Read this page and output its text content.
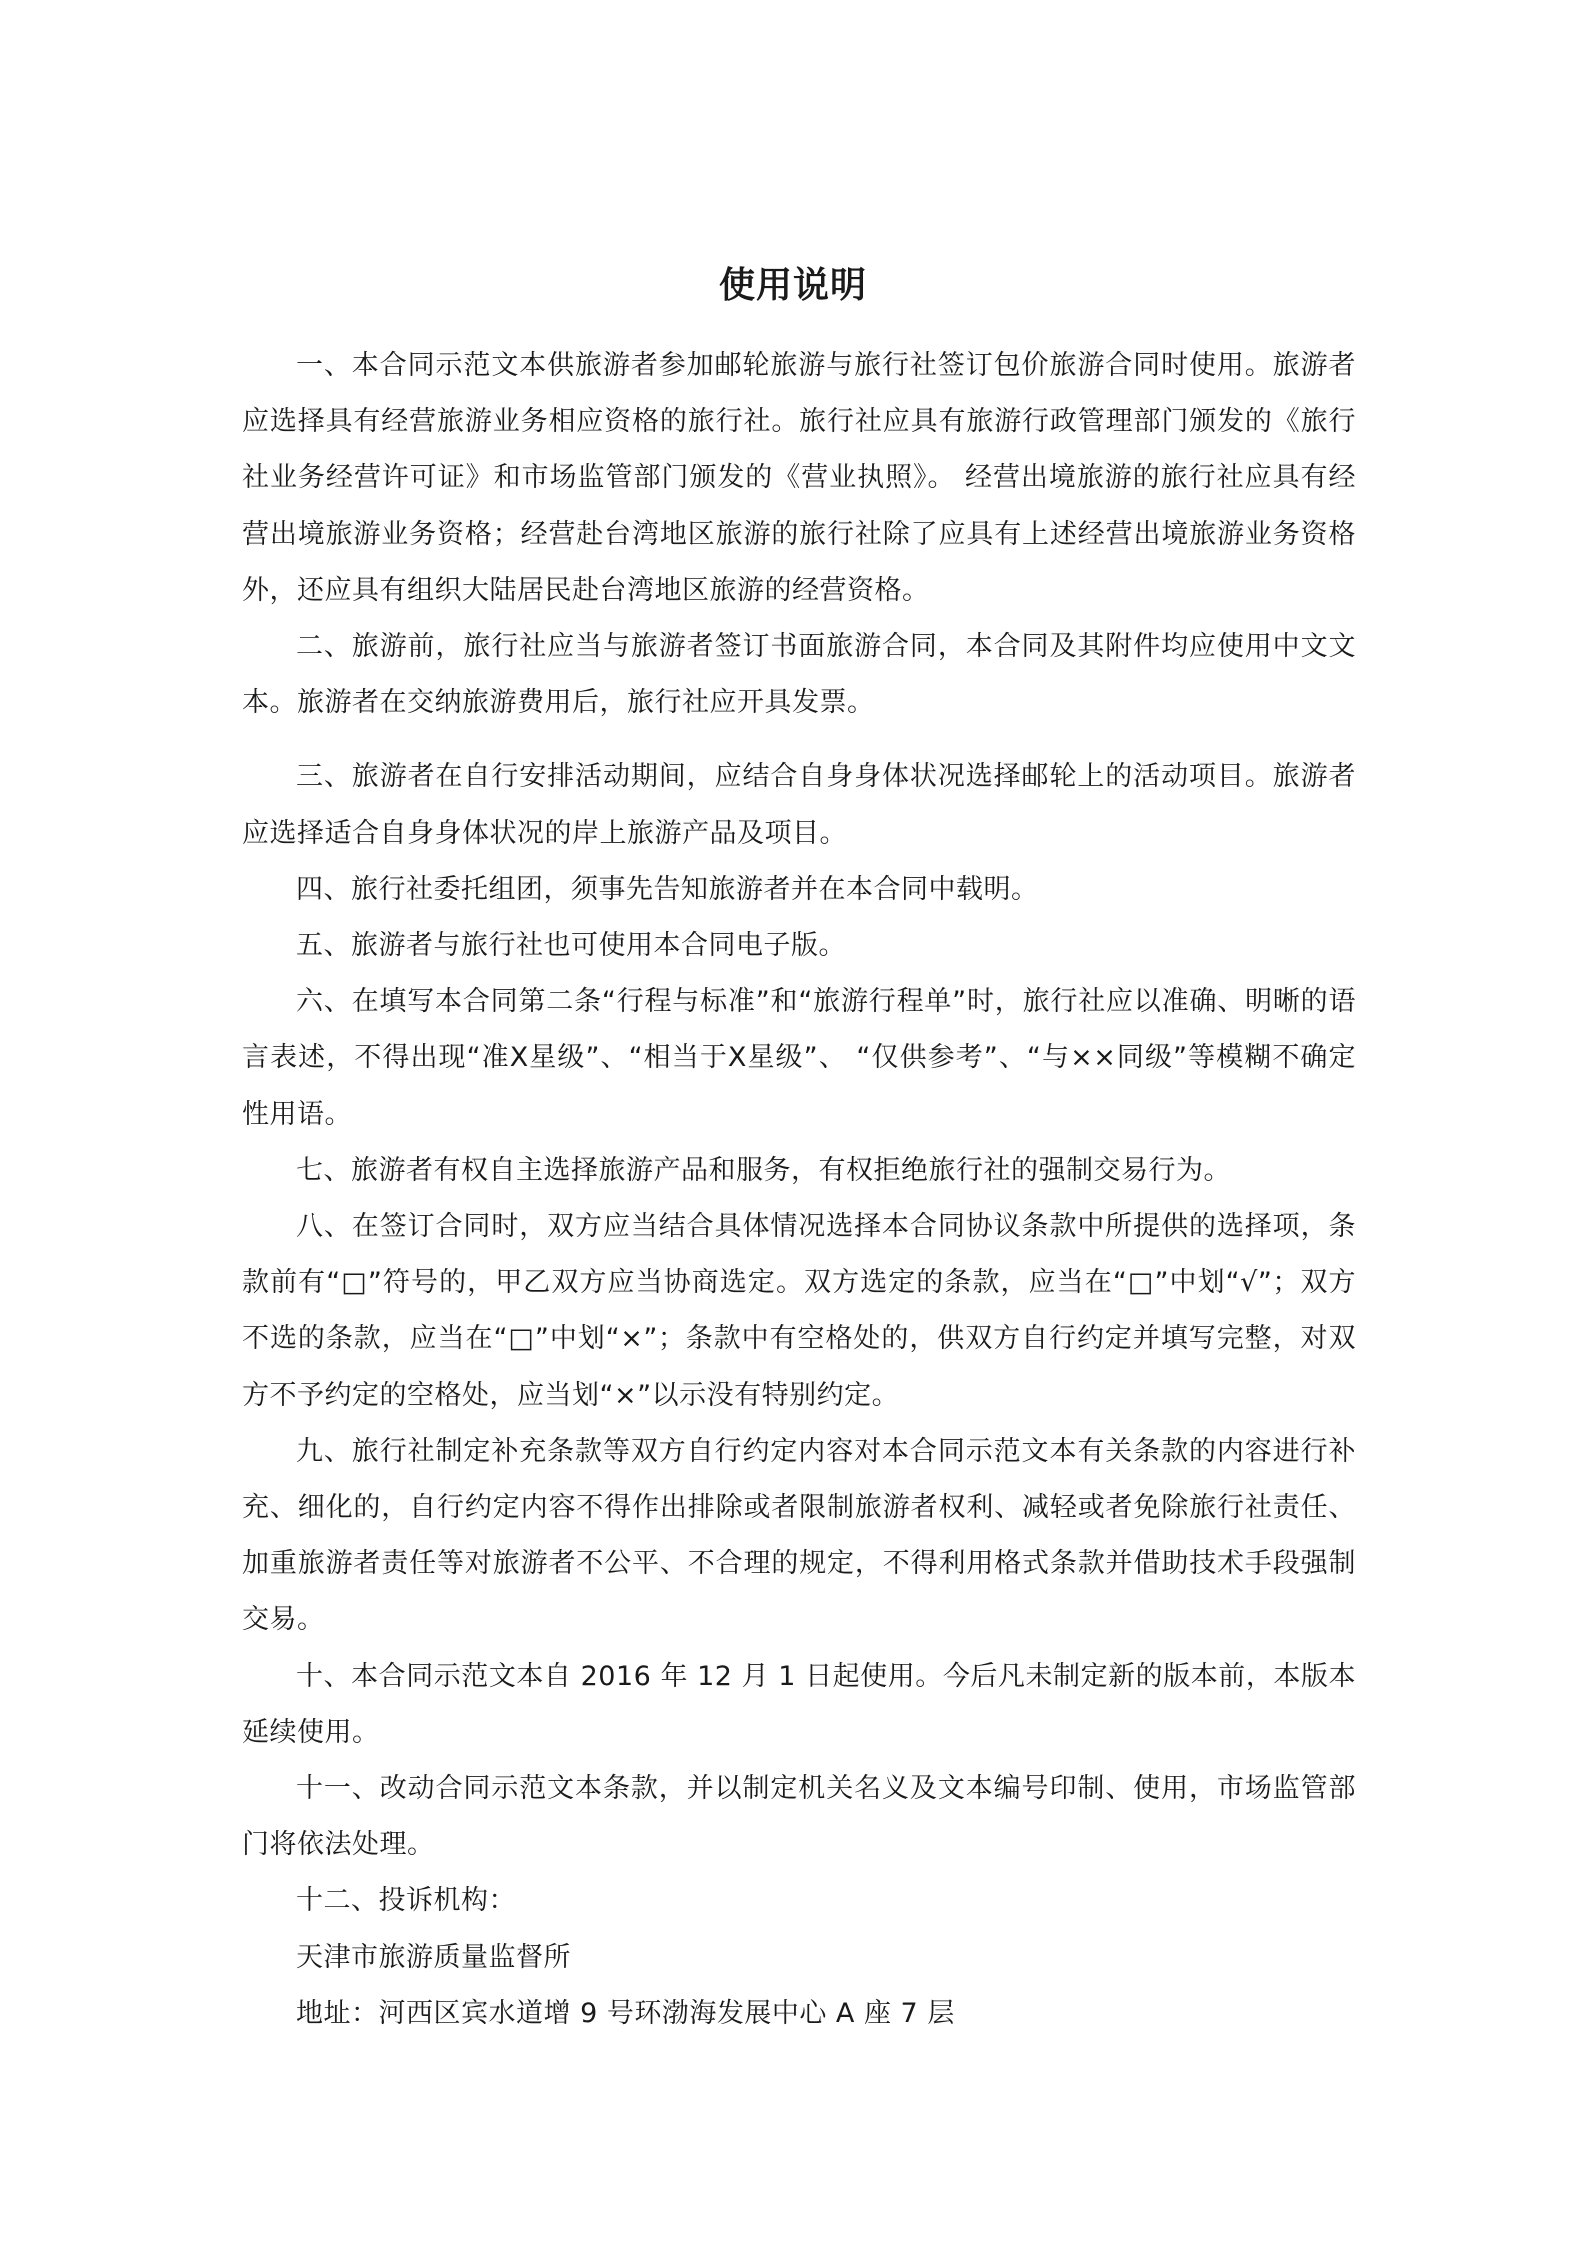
使用说明

一、本合同示范文本供旅游者参加邮轮旅游与旅行社签订包价旅游合同时使用。旅游者应选择具有经营旅游业务相应资格的旅行社。旅行社应具有旅游行政管理部门颁发的《旅行社业务经营许可证》和市场监管部门颁发的《营业执照》。 经营出境旅游的旅行社应具有经营出境旅游业务资格；经营赴台湾地区旅游的旅行社除了应具有上述经营出境旅游业务资格外，还应具有组织大陆居民赴台湾地区旅游的经营资格。

二、旅游前，旅行社应当与旅游者签订书面旅游合同，本合同及其附件均应使用中文文本。旅游者在交纳旅游费用后，旅行社应开具发票。

三、旅游者在自行安排活动期间，应结合自身身体状况选择邮轮上的活动项目。旅游者应选择适合自身身体状况的岸上旅游产品及项目。

四、旅行社委托组团，须事先告知旅游者并在本合同中载明。

五、旅游者与旅行社也可使用本合同电子版。

六、在填写本合同第二条“行程与标准”和“旅游行程单”时，旅行社应以准确、明晰的语言表述，不得出现“准X星级”、“相当于X星级”、 “仅供参考”、“与××同级”等模糊不确定性用语。

七、旅游者有权自主选择旅游产品和服务，有权拒绝旅行社的强制交易行为。

八、在签订合同时，双方应当结合具体情况选择本合同协议条款中所提供的选择项，条款前有“□”符号的，甲乙双方应当协商选定。双方选定的条款，应当在“□”中划“√”；双方不选的条款，应当在“□”中划“×”；条款中有空格处的，供双方自行约定并填写完整，对双方不予约定的空格处，应当划“×”以示没有特别约定。

九、旅行社制定补充条款等双方自行约定内容对本合同示范文本有关条款的内容进行补充、细化的，自行约定内容不得作出排除或者限制旅游者权利、减轻或者免除旅行社责任、加重旅游者责任等对旅游者不公平、不合理的规定，不得利用格式条款并借助技术手段强制交易。

十、本合同示范文本自 2016 年 12 月 1 日起使用。今后凡未制定新的版本前，本版本延续使用。

十一、改动合同示范文本条款，并以制定机关名义及文本编号印制、使用，市场监管部门将依法处理。

十二、投诉机构：

天津市旅游质量监督所

地址：河西区宾水道增 9 号环渤海发展中心 A 座 7 层
